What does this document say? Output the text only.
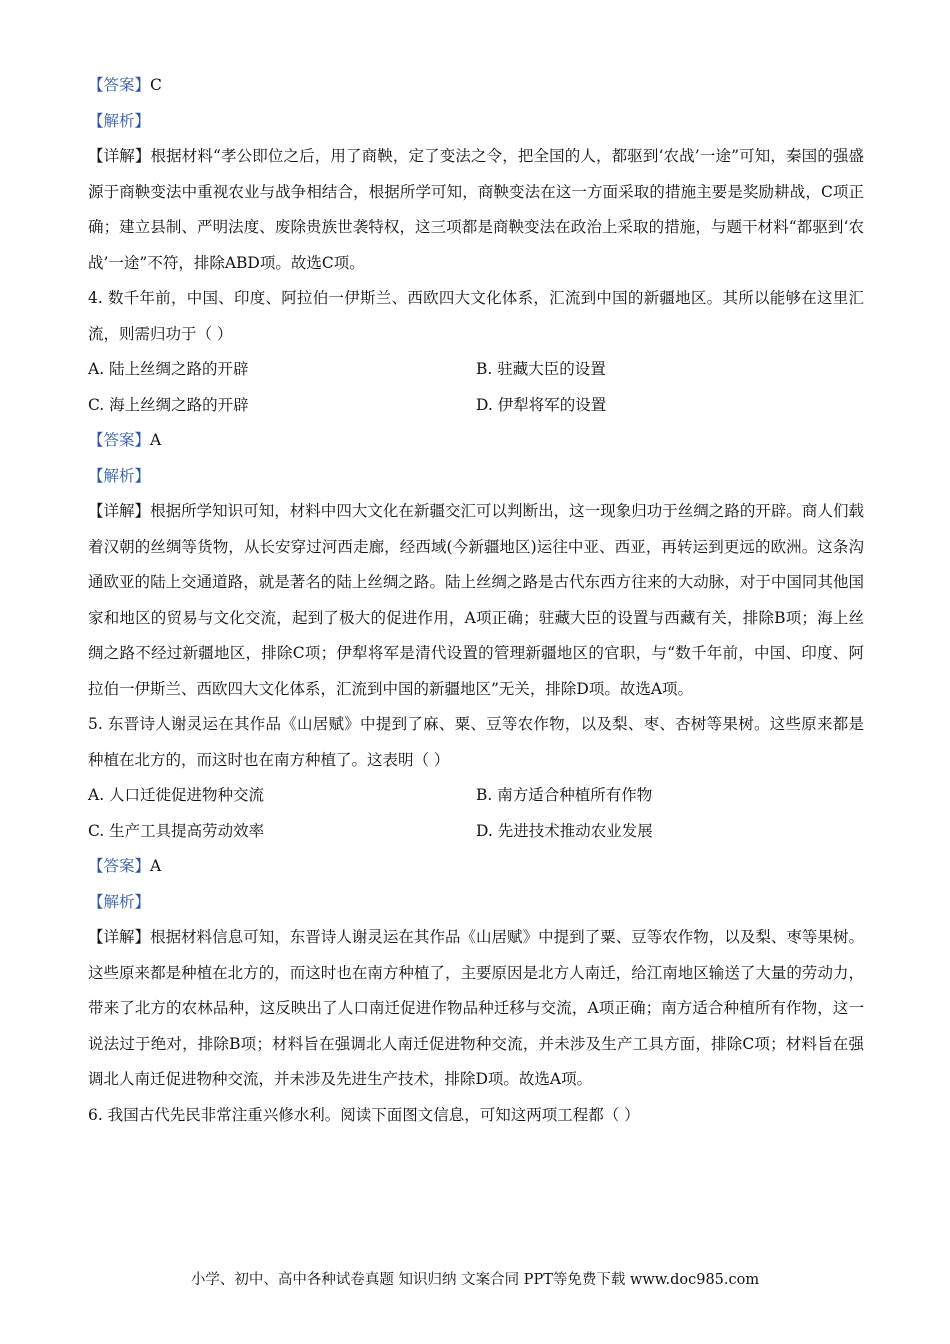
【答案】C
【解析】

【详解】根据材料“孝公即位之后，用了商鞅，定了变法之令，把全国的人，都驱到‘农战’一途”可知，秦国的强盛源于商鞅变法中重视农业与战争相结合，根据所学可知，商鞅变法在这一方面采取的措施主要是奖励耕战，C项正确；建立县制、严明法度、废除贵族世袭特权，这三项都是商鞅变法在政治上采取的措施，与题干材料“都驱到‘农战’一途”不符，排除ABD项。故选C项。

4. 数千年前，中国、印度、阿拉伯一伊斯兰、西欧四大文化体系，汇流到中国的新疆地区。其所以能够在这里汇流，则需归功于（ ）

A. 陆上丝绸之路的开辟	B. 驻藏大臣的设置
C. 海上丝绸之路的开辟	D. 伊犁将军的设置
【答案】A
【解析】

【详解】根据所学知识可知，材料中四大文化在新疆交汇可以判断出，这一现象归功于丝绸之路的开辟。商人们载着汉朝的丝绸等货物，从长安穿过河西走廊，经西域(今新疆地区)运往中亚、西亚，再转运到更远的欧洲。这条沟通欧亚的陆上交通道路，就是著名的陆上丝绸之路。陆上丝绸之路是古代东西方往来的大动脉，对于中国同其他国家和地区的贸易与文化交流，起到了极大的促进作用，A项正确；驻藏大臣的设置与西藏有关，排除B项；海上丝绸之路不经过新疆地区，排除C项；伊犁将军是清代设置的管理新疆地区的官职，与“数千年前，中国、印度、阿拉伯一伊斯兰、西欧四大文化体系，汇流到中国的新疆地区”无关，排除D项。故选A项。

5. 东晋诗人谢灵运在其作品《山居赋》中提到了麻、粟、豆等农作物，以及梨、枣、杏树等果树。这些原来都是种植在北方的，而这时也在南方种植了。这表明（ ）

A. 人口迁徙促进物种交流	B. 南方适合种植所有作物
C. 生产工具提高劳动效率	D. 先进技术推动农业发展
【答案】A
【解析】

【详解】根据材料信息可知，东晋诗人谢灵运在其作品《山居赋》中提到了粟、豆等农作物，以及梨、枣等果树。这些原来都是种植在北方的，而这时也在南方种植了，主要原因是北方人南迁，给江南地区输送了大量的劳动力，带来了北方的农林品种，这反映出了人口南迁促进作物品种迁移与交流，A项正确；南方适合种植所有作物，这一说法过于绝对，排除B项；材料旨在强调北人南迁促进物种交流，并未涉及生产工具方面，排除C项；材料旨在强调北人南迁促进物种交流，并未涉及先进生产技术，排除D项。故选A项。

6. 我国古代先民非常注重兴修水利。阅读下面图文信息，可知这两项工程都（ ）

小学、初中、高中各种试卷真题 知识归纳 文案合同 PPT等免费下载 www.doc985.com
